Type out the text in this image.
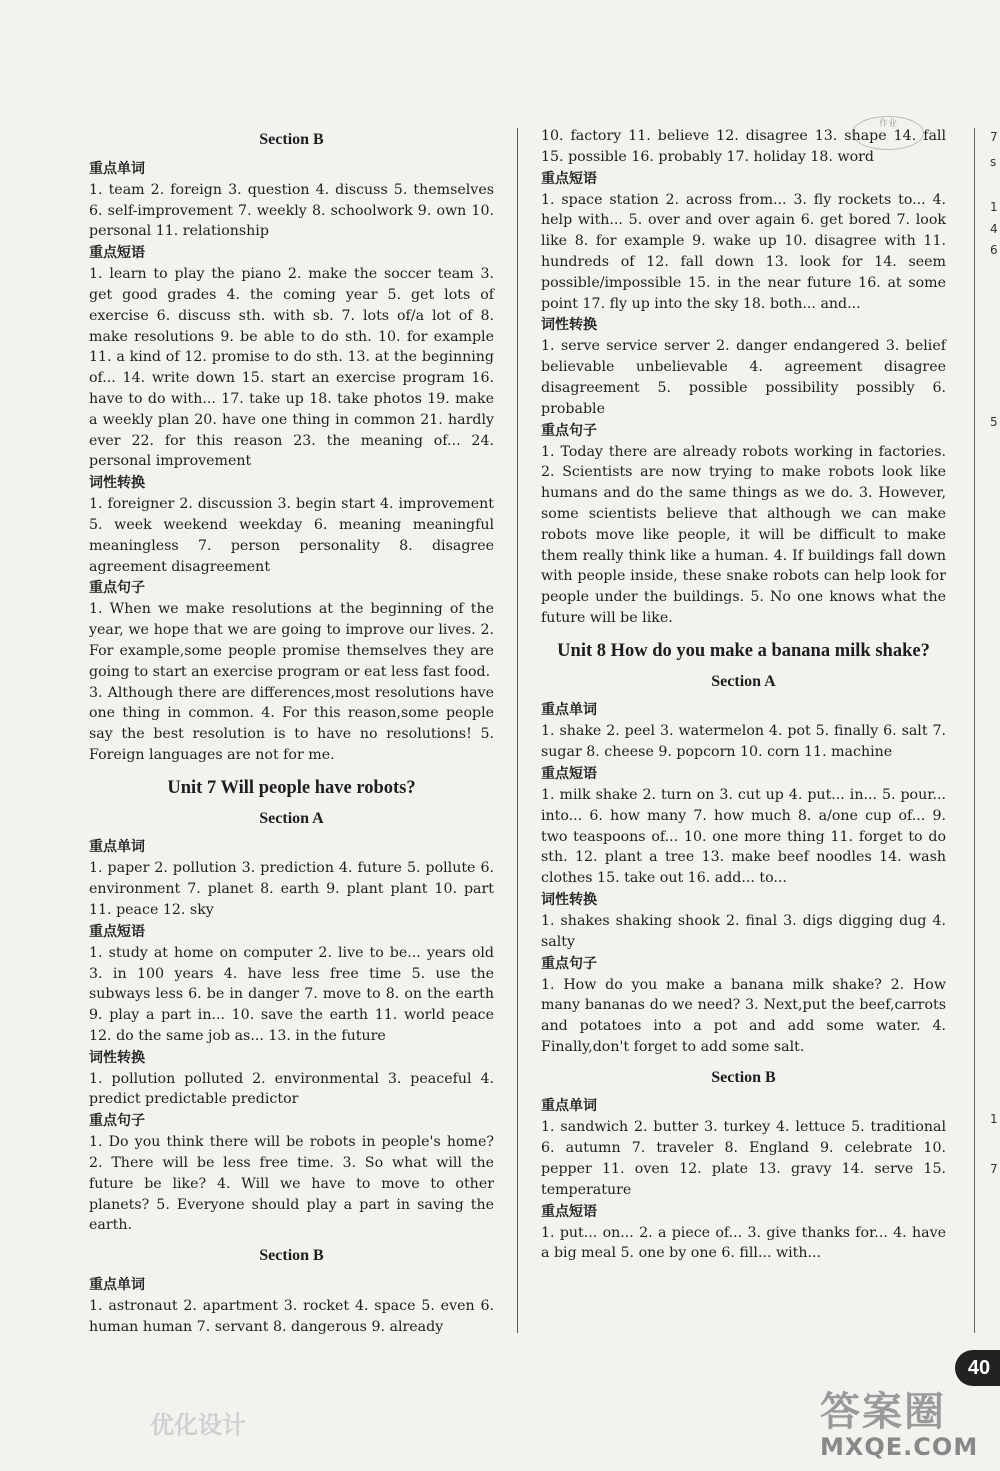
作业
Section B
重点单词
1. team 2. foreign 3. question 4. discuss 5. themselves 6. self-improvement 7. weekly 8. schoolwork 9. own 10. personal 11. relationship
重点短语
1. learn to play the piano 2. make the soccer team 3. get good grades 4. the coming year 5. get lots of exercise 6. discuss sth. with sb. 7. lots of/a lot of 8. make resolutions 9. be able to do sth. 10. for example 11. a kind of 12. promise to do sth. 13. at the beginning of... 14. write down 15. start an exercise program 16. have to do with... 17. take up 18. take photos 19. make a weekly plan 20. have one thing in common 21. hardly ever 22. for this reason 23. the meaning of... 24. personal improvement
词性转换
1. foreigner 2. discussion 3. begin start 4. improvement 5. week weekend weekday 6. meaning meaningful meaningless 7. person personality 8. disagree agreement disagreement
重点句子
1. When we make resolutions at the beginning of the year, we hope that we are going to improve our lives. 2. For example,some people promise themselves they are going to start an exercise program or eat less fast food.
3. Although there are differences,most resolutions have one thing in common. 4. For this reason,some people say the best resolution is to have no resolutions! 5. Foreign languages are not for me.
Unit 7 Will people have robots?
Section A
重点单词
1. paper 2. pollution 3. prediction 4. future 5. pollute 6. environment 7. planet 8. earth 9. plant plant 10. part 11. peace 12. sky
重点短语
1. study at home on computer 2. live to be... years old 3. in 100 years 4. have less free time 5. use the subways less 6. be in danger 7. move to 8. on the earth 9. play a part in... 10. save the earth 11. world peace 12. do the same job as... 13. in the future
词性转换
1. pollution polluted 2. environmental 3. peaceful 4. predict predictable predictor
重点句子
1. Do you think there will be robots in people's home? 2. There will be less free time. 3. So what will the future be like? 4. Will we have to move to other planets? 5. Everyone should play a part in saving the earth.
Section B
重点单词
1. astronaut 2. apartment 3. rocket 4. space 5. even 6. human human 7. servant 8. dangerous 9. already
10. factory 11. believe 12. disagree 13. shape 14. fall 15. possible 16. probably 17. holiday 18. word
重点短语
1. space station 2. across from... 3. fly rockets to... 4. help with... 5. over and over again 6. get bored 7. look like 8. for example 9. wake up 10. disagree with 11. hundreds of 12. fall down 13. look for 14. seem possible/impossible 15. in the near future 16. at some point 17. fly up into the sky 18. both... and...
词性转换
1. serve service server 2. danger endangered 3. belief believable unbelievable 4. agreement disagree disagreement 5. possible possibility possibly 6. probable
重点句子
1. Today there are already robots working in factories. 2. Scientists are now trying to make robots look like humans and do the same things as we do. 3. However, some scientists believe that although we can make robots move like people, it will be difficult to make them really think like a human. 4. If buildings fall down with people inside, these snake robots can help look for people under the buildings. 5. No one knows what the future will be like.
Unit 8 How do you make a banana milk shake?
Section A
重点单词
1. shake 2. peel 3. watermelon 4. pot 5. finally 6. salt 7. sugar 8. cheese 9. popcorn 10. corn 11. machine
重点短语
1. milk shake 2. turn on 3. cut up 4. put... in... 5. pour... into... 6. how many 7. how much 8. a/one cup of... 9. two teaspoons of... 10. one more thing 11. forget to do sth. 12. plant a tree 13. make beef noodles 14. wash clothes 15. take out 16. add... to...
词性转换
1. shakes shaking shook 2. final 3. digs digging dug 4. salty
重点句子
1. How do you make a banana milk shake? 2. How many bananas do we need? 3. Next,put the beef,carrots and potatoes into a pot and add some water. 4. Finally,don't forget to add some salt.
Section B
重点单词
1. sandwich 2. butter 3. turkey 4. lettuce 5. traditional 6. autumn 7. traveler 8. England 9. celebrate 10. pepper 11. oven 12. plate 13. gravy 14. serve 15. temperature
重点短语
1. put... on... 2. a piece of... 3. give thanks for... 4. have a big meal 5. one by one 6. fill... with...
7
s
1
4
6
1
7
5
40
答案圈
MXQE.COM
优化设计
